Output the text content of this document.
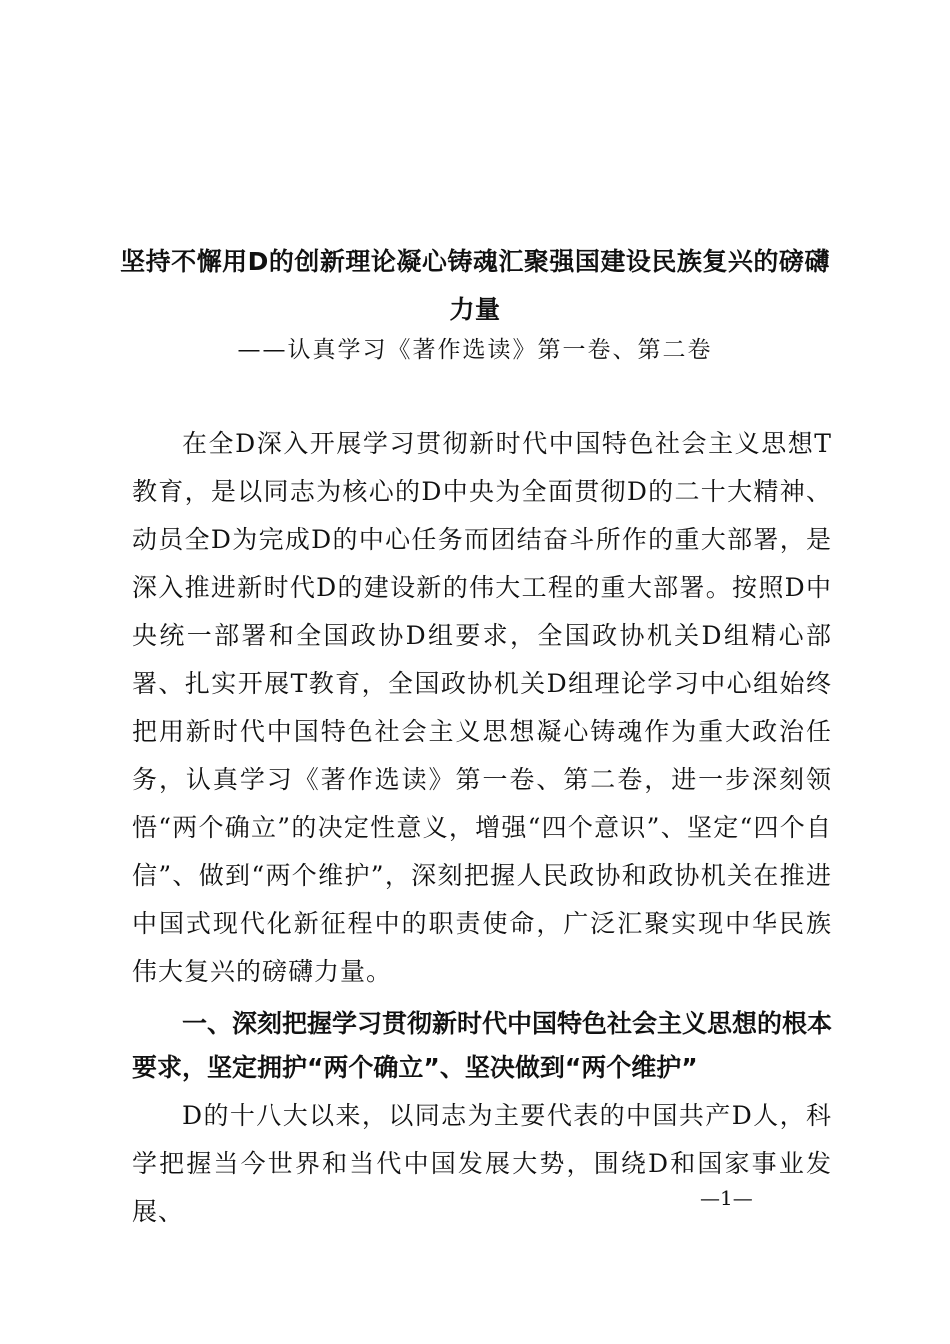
坚持不懈用D的创新理论凝心铸魂汇聚强国建设民族复兴的磅礴力量

——认真学习《著作选读》第一卷、第二卷

在全D深入开展学习贯彻新时代中国特色社会主义思想T教育，是以同志为核心的D中央为全面贯彻D的二十大精神、动员全D为完成D的中心任务而团结奋斗所作的重大部署，是深入推进新时代D的建设新的伟大工程的重大部署。按照D中央统一部署和全国政协D组要求，全国政协机关D组精心部署、扎实开展T教育，全国政协机关D组理论学习中心组始终把用新时代中国特色社会主义思想凝心铸魂作为重大政治任务，认真学习《著作选读》第一卷、第二卷，进一步深刻领悟“两个确立”的决定性意义，增强“四个意识”、坚定“四个自信”、做到“两个维护”，深刻把握人民政协和政协机关在推进中国式现代化新征程中的职责使命，广泛汇聚实现中华民族伟大复兴的磅礴力量。

一、深刻把握学习贯彻新时代中国特色社会主义思想的根本要求，坚定拥护“两个确立”、坚决做到“两个维护”

D的十八大以来，以同志为主要代表的中国共产D人，科学把握当今世界和当代中国发展大势，围绕D和国家事业发展、	—1—
